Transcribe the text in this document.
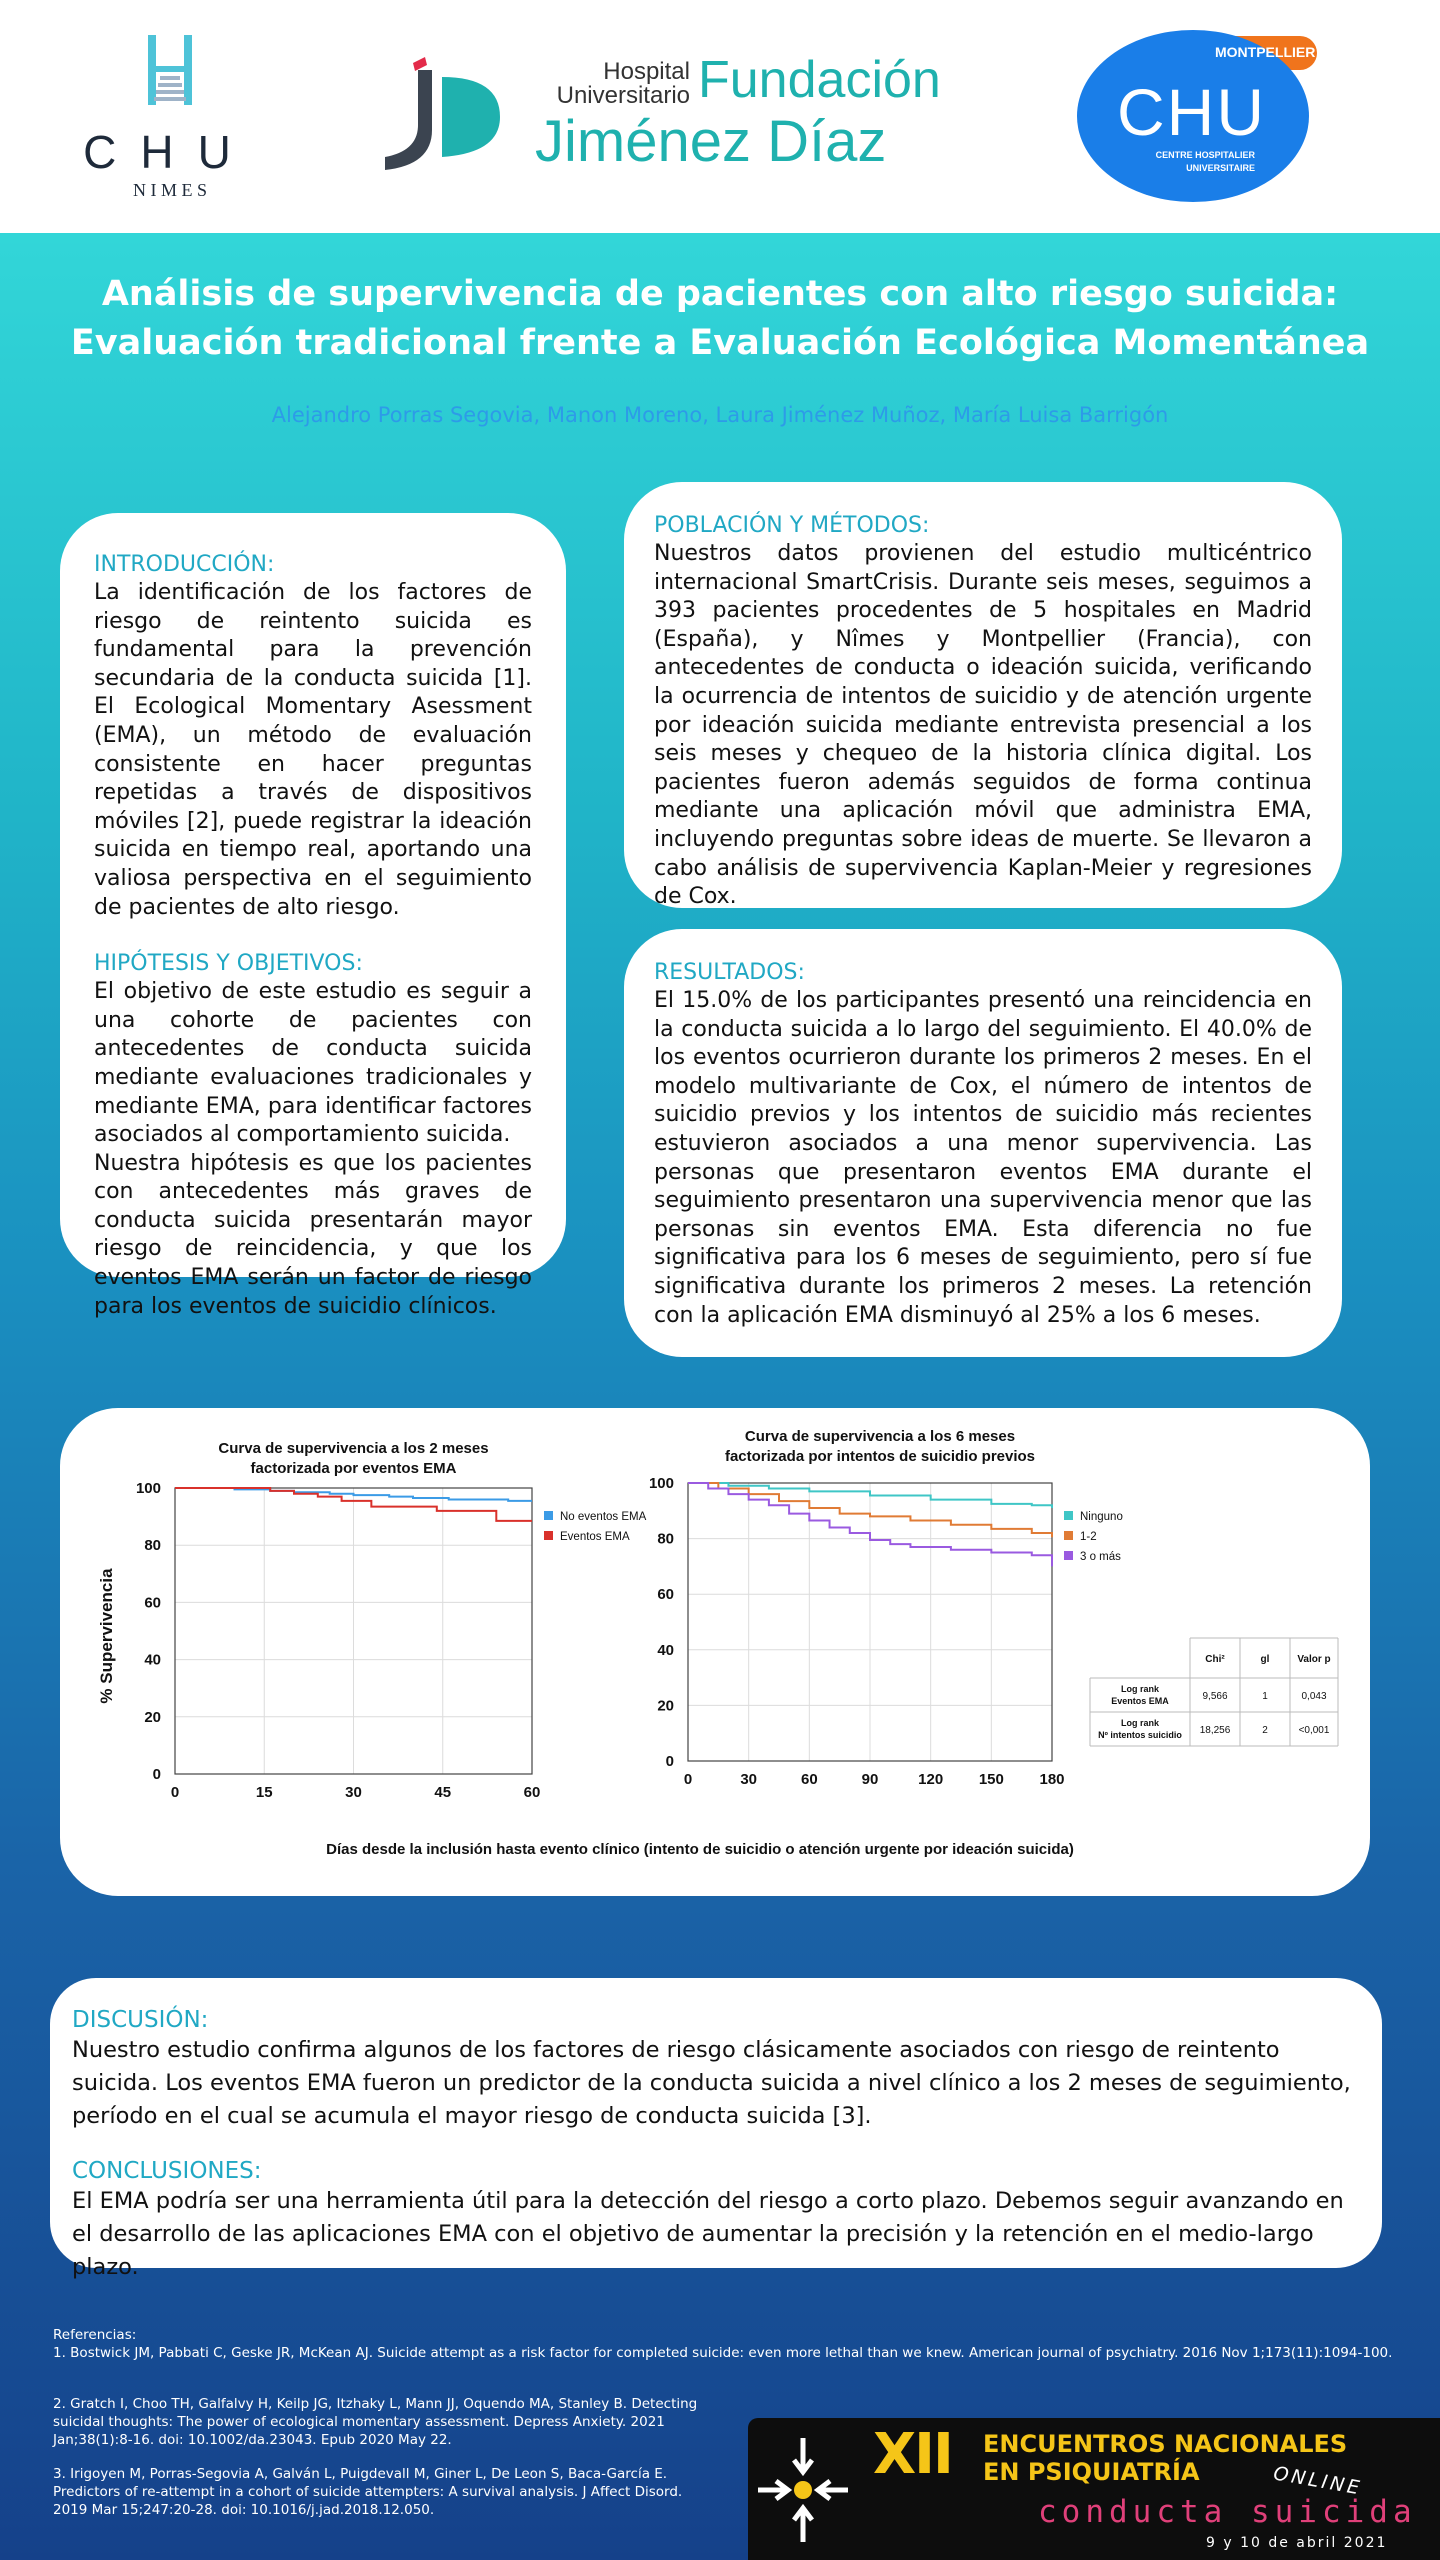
CHU
N I M E S
Hospital
Universitario Fundación
Jiménez Díaz
MONTPELLIER
CHU
CENTRE HOSPITALIER
UNIVERSITAIRE
Análisis de supervivencia de pacientes con alto riesgo suicida:
Evaluación tradicional frente a Evaluación Ecológica Momentánea
Alejandro Porras Segovia, Manon Moreno, Laura Jiménez Muñoz, María Luisa Barrigón

INTRODUCCIÓN:

La identificación de los factores de riesgo de reintento suicida es fundamental para la prevención secundaria de la conducta suicida [1]. El Ecological Momentary Asessment (EMA), un método de evaluación consistente en hacer preguntas repetidas a través de dispositivos móviles [2], puede registrar la ideación suicida en tiempo real, aportando una valiosa perspectiva en el seguimiento de pacientes de alto riesgo.

HIPÓTESIS Y OBJETIVOS:

El objetivo de este estudio es seguir a una cohorte de pacientes con antecedentes de conducta suicida mediante evaluaciones tradicionales y mediante EMA, para identificar factores asociados al comportamiento suicida.

Nuestra hipótesis es que los pacientes con antecedentes más graves de conducta suicida presentarán mayor riesgo de reincidencia, y que los eventos EMA serán un factor de riesgo para los eventos de suicidio clínicos.

POBLACIÓN Y MÉTODOS:

Nuestros datos provienen del estudio multicéntrico internacional SmartCrisis. Durante seis meses, seguimos a 393 pacientes procedentes de 5 hospitales en Madrid (España), y Nîmes y Montpellier (Francia), con antecedentes de conducta o ideación suicida, verificando la ocurrencia de intentos de suicidio y de atención urgente por ideación suicida mediante entrevista presencial a los seis meses y chequeo de la historia clínica digital. Los pacientes fueron además seguidos de forma continua mediante una aplicación móvil que administra EMA, incluyendo preguntas sobre ideas de muerte. Se llevaron a cabo análisis de supervivencia Kaplan-Meier y regresiones de Cox.

RESULTADOS:

El 15.0% de los participantes presentó una reincidencia en la conducta suicida a lo largo del seguimiento. El 40.0% de los eventos ocurrieron durante los primeros 2 meses. En el modelo multivariante de Cox, el número de intentos de suicidio previos y los intentos de suicidio más recientes estuvieron asociados a una menor supervivencia. Las personas que presentaron eventos EMA durante el seguimiento presentaron una supervivencia menor que las personas sin eventos EMA. Esta diferencia no fue significativa para los 6 meses de seguimiento, pero sí fue significativa durante los primeros 2 meses. La retención con la aplicación EMA disminuyó al 25% a los 6 meses.

0	15	30	45	60
0
20
40
60
80
100
Curva de supervivencia a los 2 meses
factorizada por eventos EMA
No eventos EMA
Eventos EMA
0	30	60	90	120 150 180
0
20
40
60
80
100
Curva de supervivencia a los 6 meses
factorizada por intentos de suicidio previos
Ninguno
1-2
3 o más
% Supervivencia
Días desde la inclusión hasta evento clínico (intento de suicidio o atención urgente por ideación suicida)
Chi²	gl	Valor p
Log rank
Eventos EMA	9,566	1	0,043
Log rank
Nº intentos suicidio 18,256	2	<0,001

DISCUSIÓN:

Nuestro estudio confirma algunos de los factores de riesgo clásicamente asociados con riesgo de reintento suicida. Los eventos EMA fueron un predictor de la conducta suicida a nivel clínico a los 2 meses de seguimiento, período en el cual se acumula el mayor riesgo de conducta suicida [3].

CONCLUSIONES:

El EMA podría ser una herramienta útil para la detección del riesgo a corto plazo. Debemos seguir avanzando en el desarrollo de las aplicaciones EMA con el objetivo de aumentar la precisión y la retención en el medio-largo plazo.

Referencias:
1. Bostwick JM, Pabbati C, Geske JR, McKean AJ. Suicide attempt as a risk factor for completed suicide: even more lethal than we knew. American journal of psychiatry. 2016 Nov 1;173(11):1094-100.
2. Gratch I, Choo TH, Galfalvy H, Keilp JG, Itzhaky L, Mann JJ, Oquendo MA, Stanley B. Detecting suicidal thoughts: The power of ecological momentary assessment. Depress Anxiety. 2021 Jan;38(1):8-16. doi: 10.1002/da.23043. Epub 2020 May 22.
3. Irigoyen M, Porras-Segovia A, Galván L, Puigdevall M, Giner L, De Leon S, Baca-García E. Predictors of re-attempt in a cohort of suicide attempters: A survival analysis. J Affect Disord. 2019 Mar 15;247:20-28. doi: 10.1016/j.jad.2018.12.050.
XII ENCUENTROS NACIONALES
EN PSIQUIATRÍA	ONLINE
conducta suicida
9 y 10 de abril 2021
